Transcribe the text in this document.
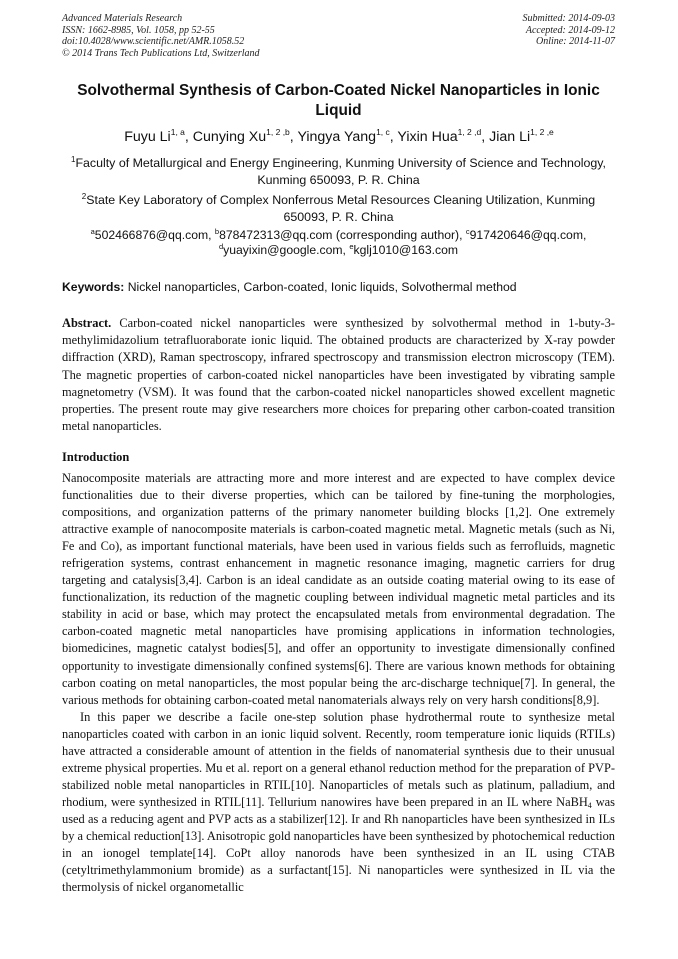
Advanced Materials Research
ISSN: 1662-8985, Vol. 1058, pp 52-55
doi:10.4028/www.scientific.net/AMR.1058.52
© 2014 Trans Tech Publications Ltd, Switzerland
Submitted: 2014-09-03
Accepted: 2014-09-12
Online: 2014-11-07
Solvothermal Synthesis of Carbon-Coated Nickel Nanoparticles in Ionic Liquid
Fuyu Li$^{1, a}$, Cunying Xu$^{1, 2 ,b}$, Yingya Yang$^{1, c}$, Yixin Hua$^{1, 2 ,d}$, Jian Li$^{1, 2 ,e}$
$^1$Faculty of Metallurgical and Energy Engineering, Kunming University of Science and Technology, Kunming 650093, P. R. China
$^2$State Key Laboratory of Complex Nonferrous Metal Resources Cleaning Utilization, Kunming 650093, P. R. China
$^a$502466876@qq.com, $^b$878472313@qq.com (corresponding author), $^c$917420646@qq.com,
$^d$yuayixin@google.com, $^e$kglj1010@163.com
Keywords: Nickel nanoparticles, Carbon-coated, Ionic liquids, Solvothermal method
Abstract. Carbon-coated nickel nanoparticles were synthesized by solvothermal method in 1-buty-3-methylimidazolium tetrafluoraborate ionic liquid. The obtained products are characterized by X-ray powder diffraction (XRD), Raman spectroscopy, infrared spectroscopy and transmission electron microscopy (TEM). The magnetic properties of carbon-coated nickel nanoparticles have been investigated by vibrating sample magnetometry (VSM). It was found that the carbon-coated nickel nanoparticles showed excellent magnetic properties. The present route may give researchers more choices for preparing other carbon-coated transition metal nanoparticles.
Introduction

Nanocomposite materials are attracting more and more interest and are expected to have complex device functionalities due to their diverse properties, which can be tailored by fine-tuning the morphologies, compositions, and organization patterns of the primary nanometer building blocks [1,2]. One extremely attractive example of nanocomposite materials is carbon-coated magnetic metal. Magnetic metals (such as Ni, Fe and Co), as important functional materials, have been used in various fields such as ferrofluids, magnetic refrigeration systems, contrast enhancement in magnetic resonance imaging, magnetic carriers for drug targeting and catalysis[3,4]. Carbon is an ideal candidate as an outside coating material owing to its ease of functionalization, its reduction of the magnetic coupling between individual magnetic metal particles and its stability in acid or base, which may protect the encapsulated metals from environmental degradation. The carbon-coated magnetic metal nanoparticles have promising applications in information technologies, biomedicines, magnetic catalyst bodies[5], and offer an opportunity to investigate dimensionally confined opportunity to investigate dimensionally confined systems[6]. There are various known methods for obtaining carbon coating on metal nanoparticles, the most popular being the arc-discharge technique[7]. In general, the various methods for obtaining carbon-coated metal nanomaterials always rely on very harsh conditions[8,9].

In this paper we describe a facile one-step solution phase hydrothermal route to synthesize metal nanoparticles coated with carbon in an ionic liquid solvent. Recently, room temperature ionic liquids (RTILs) have attracted a considerable amount of attention in the fields of nanomaterial synthesis due to their unusual extreme physical properties. Mu et al. report on a general ethanol reduction method for the preparation of PVP-stabilized noble metal nanoparticles in RTIL[10]. Nanoparticles of metals such as platinum, palladium, and rhodium, were synthesized in RTIL[11]. Tellurium nanowires have been prepared in an IL where NaBH$_4$ was used as a reducing agent and PVP acts as a stabilizer[12]. Ir and Rh nanoparticles have been synthesized in ILs by a chemical reduction[13]. Anisotropic gold nanoparticles have been synthesized by photochemical reduction in an ionogel template[14]. CoPt alloy nanorods have been synthesized in an IL using CTAB (cetyltrimethylammonium bromide) as a surfactant[15]. Ni nanoparticles were synthesized in IL via the thermolysis of nickel organometallic
